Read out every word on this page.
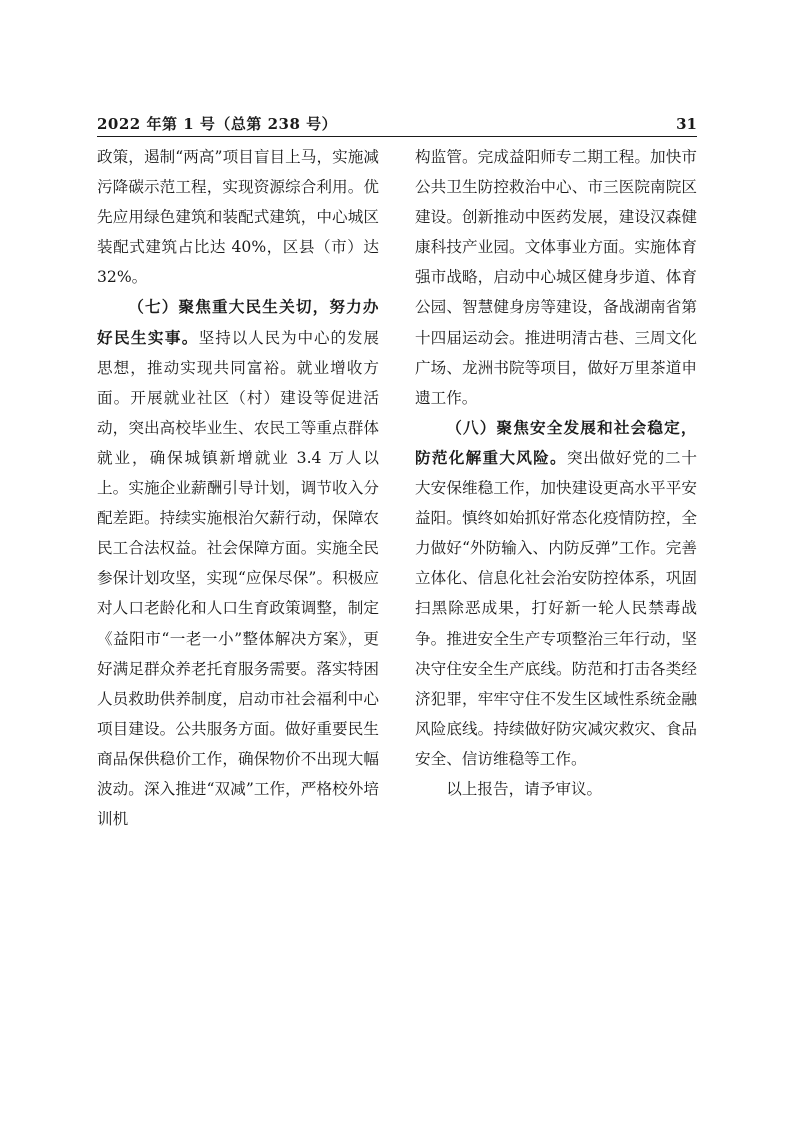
2022 年第 1 号（总第 238 号）	31

政策，遏制“两高”项目盲目上马，实施减污降碳示范工程，实现资源综合利用。优先应用绿色建筑和装配式建筑，中心城区装配式建筑占比达 40%，区县（市）达32%。

（七）聚焦重大民生关切，努力办好民生实事。坚持以人民为中心的发展思想，推动实现共同富裕。就业增收方面。开展就业社区（村）建设等促进活动，突出高校毕业生、农民工等重点群体就业，确保城镇新增就业 3.4 万人以上。实施企业薪酬引导计划，调节收入分配差距。持续实施根治欠薪行动，保障农民工合法权益。社会保障方面。实施全民参保计划攻坚，实现“应保尽保”。积极应对人口老龄化和人口生育政策调整，制定《益阳市“一老一小”整体解决方案》，更好满足群众养老托育服务需要。落实特困人员救助供养制度，启动市社会福利中心项目建设。公共服务方面。做好重要民生商品保供稳价工作，确保物价不出现大幅波动。深入推进“双减”工作，严格校外培训机

构监管。完成益阳师专二期工程。加快市公共卫生防控救治中心、市三医院南院区建设。创新推动中医药发展，建设汉森健康科技产业园。文体事业方面。实施体育强市战略，启动中心城区健身步道、体育公园、智慧健身房等建设，备战湖南省第十四届运动会。推进明清古巷、三周文化广场、龙洲书院等项目，做好万里茶道申遗工作。

（八）聚焦安全发展和社会稳定，防范化解重大风险。突出做好党的二十大安保维稳工作，加快建设更高水平平安益阳。慎终如始抓好常态化疫情防控，全力做好“外防输入、内防反弹”工作。完善立体化、信息化社会治安防控体系，巩固扫黑除恶成果，打好新一轮人民禁毒战争。推进安全生产专项整治三年行动，坚决守住安全生产底线。防范和打击各类经济犯罪，牢牢守住不发生区域性系统金融风险底线。持续做好防灾减灾救灾、食品安全、信访维稳等工作。

以上报告，请予审议。
